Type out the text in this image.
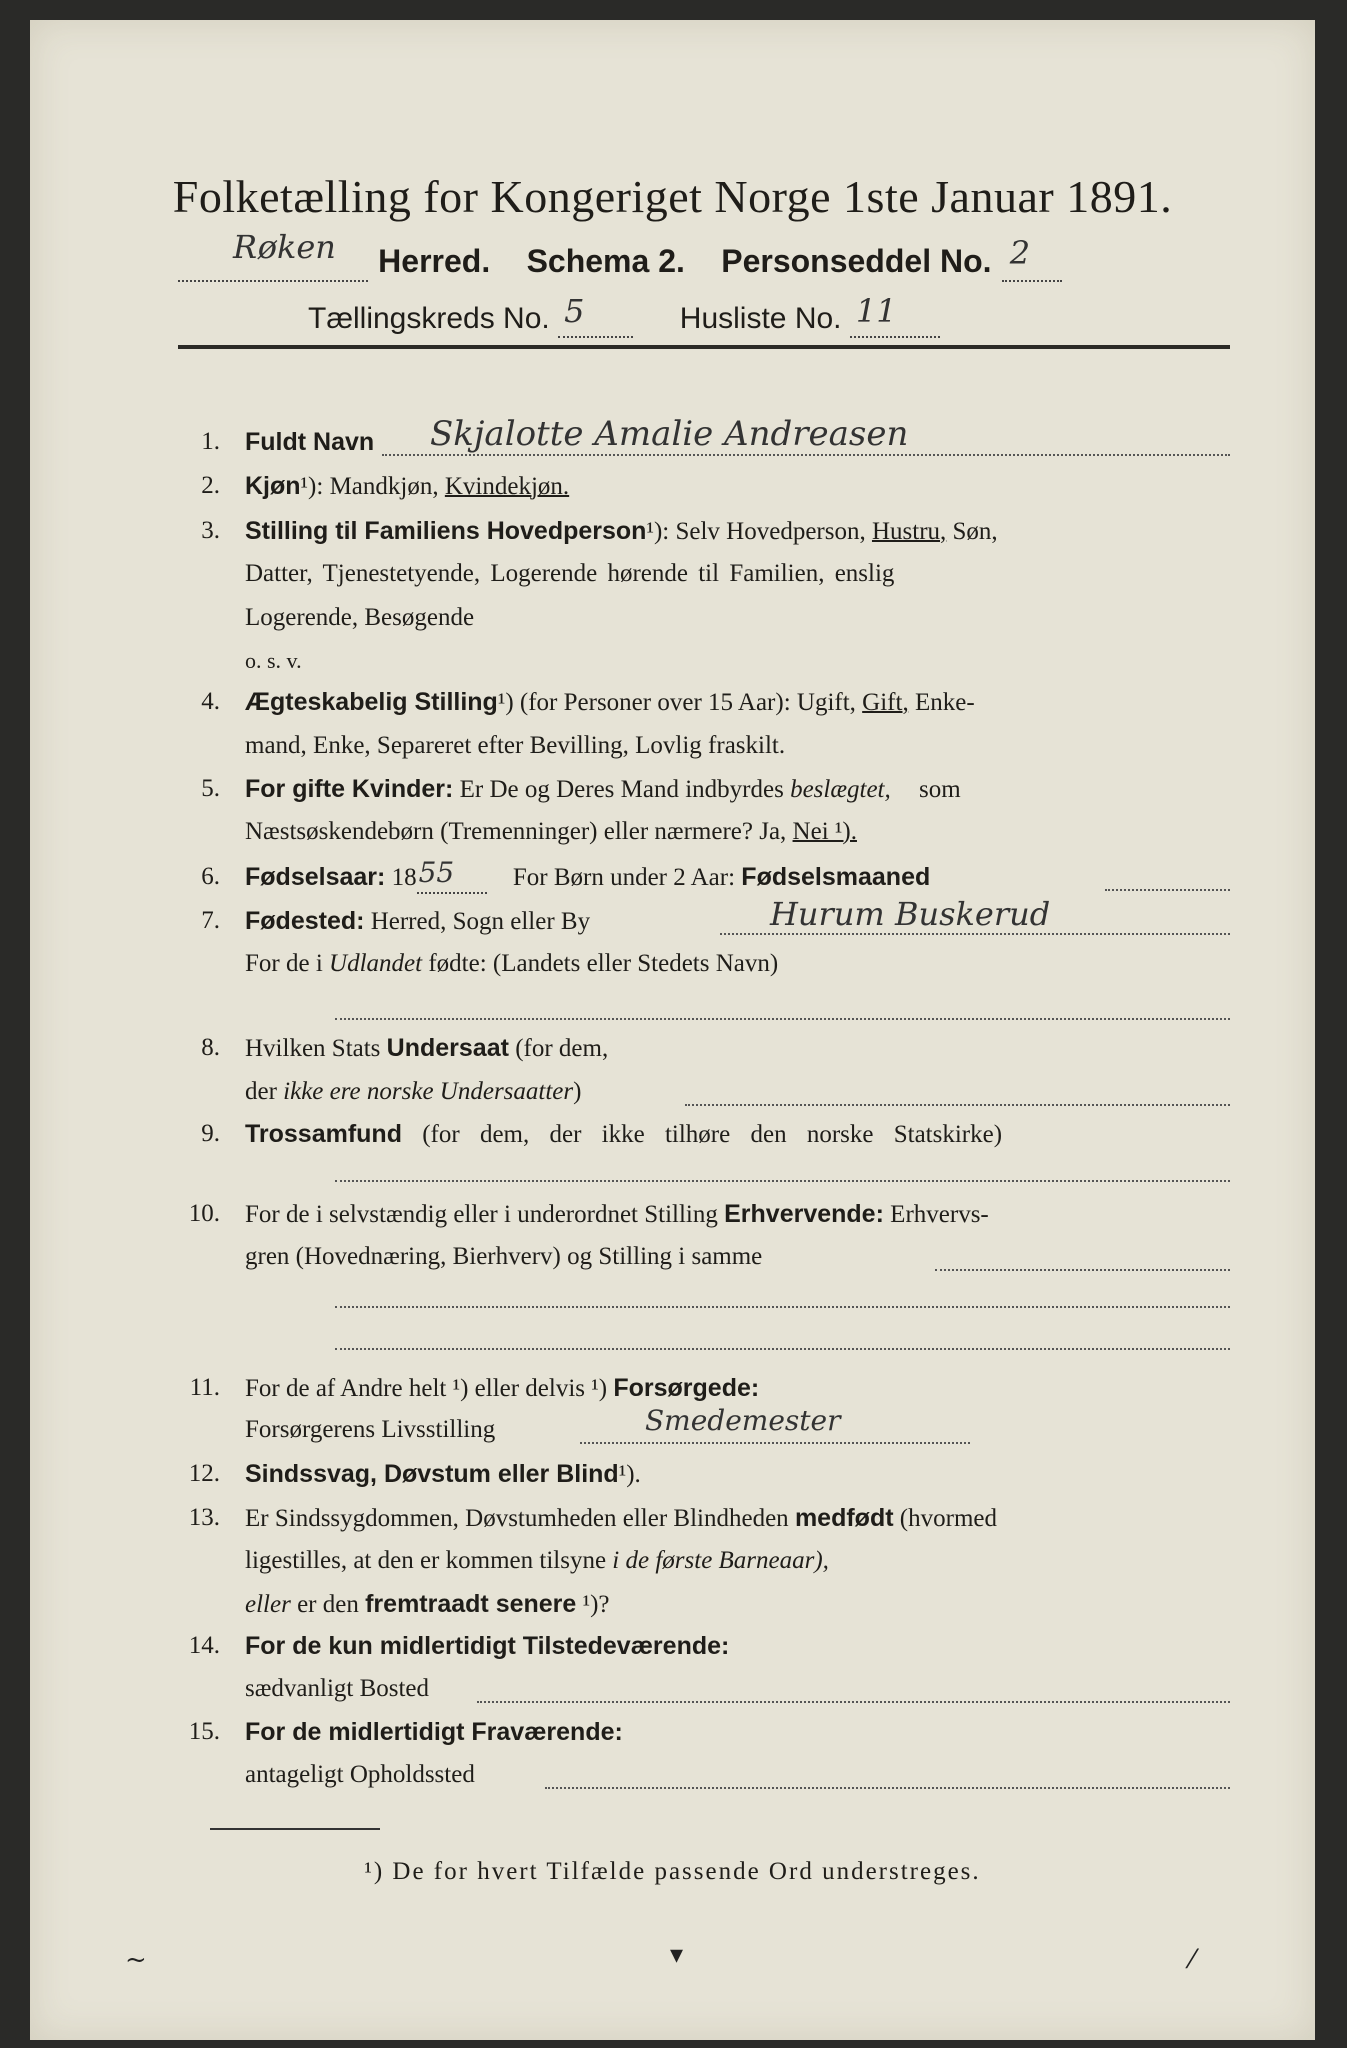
Folketælling for Kongeriget Norge 1ste Januar 1891.
Røken Herred. Schema 2. Personseddel No. 2

Tællingskreds No. 5	Husliste No. 11

1. Fuldt Navn Skjalotte Amalie Andreasen
2. Kjøn¹): Mandkjøn, Kvindekjøn.
3. Stilling til Familiens Hovedperson¹): Selv Hovedperson, Hustru, Søn,
Datter, Tjenestetyende, Logerende hørende til Familien, enslig
Logerende, Besøgende
o. s. v.
4. Ægteskabelig Stilling¹) (for Personer over 15 Aar): Ugift, Gift, Enke-
mand, Enke, Separeret efter Bevilling, Lovlig fraskilt.
5. For gifte Kvinder: Er De og Deres Mand indbyrdes beslægtet, som
Næstsøskendebørn (Tremenninger) eller nærmere? Ja, Nei ¹).
6. Fødselsaar: 18 55 For Børn under 2 Aar: Fødselsmaaned
7. Fødested: Herred, Sogn eller By	Hurum Buskerud
For de i Udlandet fødte: (Landets eller Stedets Navn)
8. Hvilken Stats Undersaat (for dem,
der ikke ere norske Undersaatter)
9. Trossamfund (for dem, der ikke tilhøre den norske Statskirke)
10. For de i selvstændig eller i underordnet Stilling Erhvervende: Erhvervs-
gren (Hovednæring, Bierhverv) og Stilling i samme
11. For de af Andre helt ¹) eller delvis ¹) Forsørgede:
Forsørgerens Livsstilling	Smedemester
12. Sindssvag, Døvstum eller Blind¹).
13. Er Sindssygdommen, Døvstumheden eller Blindheden medfødt (hvormed
ligestilles, at den er kommen tilsyne i de første Barneaar),
eller er den fremtraadt senere ¹)?
14. For de kun midlertidigt Tilstedeværende:
sædvanligt Bosted
15. For de midlertidigt Fraværende:
antageligt Opholdssted
¹) De for hvert Tilfælde passende Ord understreges.
~	▾	⁄
